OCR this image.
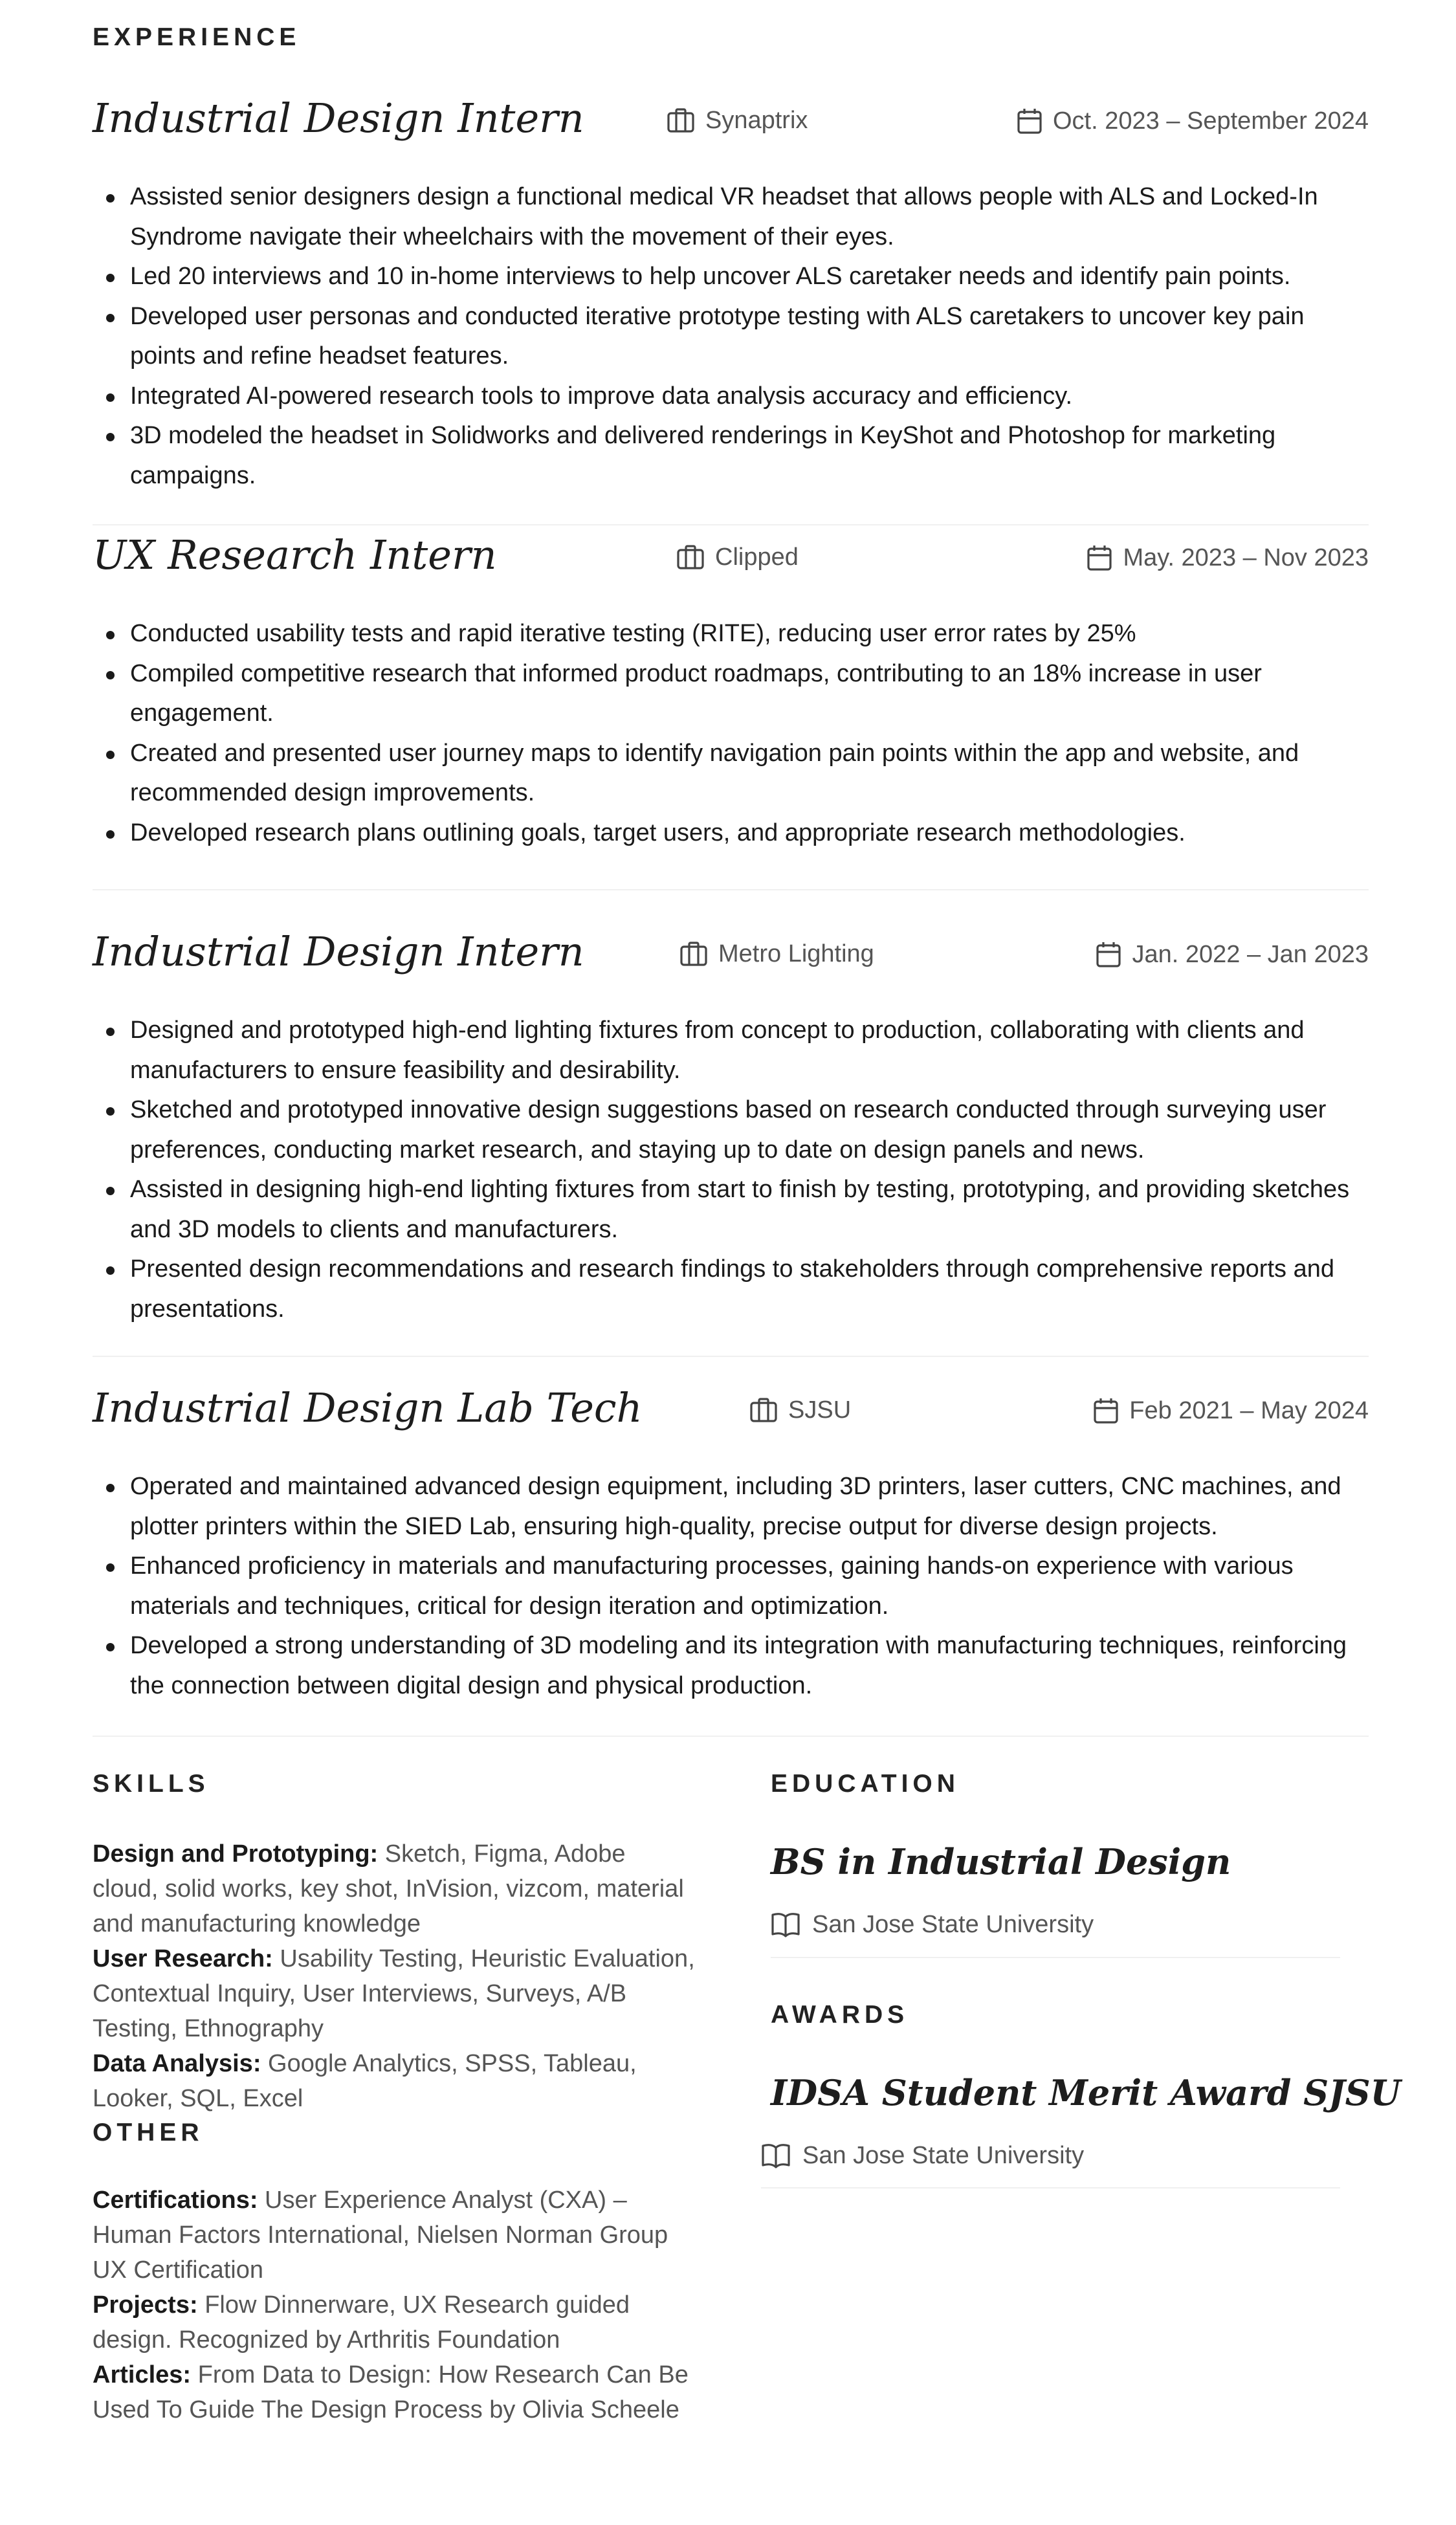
EXPERIENCE
Industrial Design Intern	Synaptrix	Oct. 2023 – September 2024
Assisted senior designers design a functional medical VR headset that allows people with ALS and Locked-In Syndrome navigate their wheelchairs with the movement of their eyes.
Led 20 interviews and 10 in-home interviews to help uncover ALS caretaker needs and identify pain points.
Developed user personas and conducted iterative prototype testing with ALS caretakers to uncover key pain points and refine headset features.
Integrated AI-powered research tools to improve data analysis accuracy and efficiency.
3D modeled the headset in Solidworks and delivered renderings in KeyShot and Photoshop for marketing campaigns.
UX Research Intern	Clipped	May. 2023 – Nov 2023
Conducted usability tests and rapid iterative testing (RITE), reducing user error rates by 25%
Compiled competitive research that informed product roadmaps, contributing to an 18% increase in user engagement.
Created and presented user journey maps to identify navigation pain points within the app and website, and recommended design improvements.
Developed research plans outlining goals, target users, and appropriate research methodologies.
Industrial Design Intern	Metro Lighting	Jan. 2022 – Jan 2023
Designed and prototyped high-end lighting fixtures from concept to production, collaborating with clients and manufacturers to ensure feasibility and desirability.
Sketched and prototyped innovative design suggestions based on research conducted through surveying user preferences, conducting market research, and staying up to date on design panels and news.
Assisted in designing high-end lighting fixtures from start to finish by testing, prototyping, and providing sketches and 3D models to clients and manufacturers.
Presented design recommendations and research findings to stakeholders through comprehensive reports and presentations.
Industrial Design Lab Tech	SJSU	Feb 2021 – May 2024
Operated and maintained advanced design equipment, including 3D printers, laser cutters, CNC machines, and plotter printers within the SIED Lab, ensuring high-quality, precise output for diverse design projects.
Enhanced proficiency in materials and manufacturing processes, gaining hands-on experience with various materials and techniques, critical for design iteration and optimization.
Developed a strong understanding of 3D modeling and its integration with manufacturing techniques, reinforcing the connection between digital design and physical production.
SKILLS

Design and Prototyping: Sketch, Figma, Adobe cloud, solid works, key shot, InVision, vizcom, material and manufacturing knowledge

User Research: Usability Testing, Heuristic Evaluation, Contextual Inquiry, User Interviews, Surveys, A/B Testing, Ethnography

Data Analysis: Google Analytics, SPSS, Tableau, Looker, SQL, Excel

OTHER

Certifications: User Experience Analyst (CXA) – Human Factors International, Nielsen Norman Group UX Certification

Projects: Flow Dinnerware, UX Research guided design. Recognized by Arthritis Foundation

Articles: From Data to Design: How Research Can Be Used To Guide The Design Process by Olivia Scheele

EDUCATION
BS in Industrial Design
San Jose State University
AWARDS
IDSA Student Merit Award SJSU
San Jose State University
